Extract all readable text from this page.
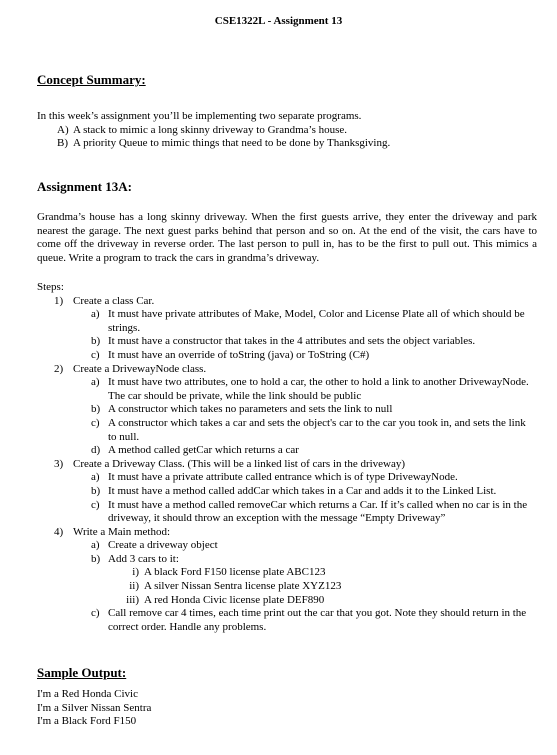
CSE1322L - Assignment 13
Concept Summary:
In this week’s assignment you’ll be implementing two separate programs.
A) A stack to mimic a long skinny driveway to Grandma’s house.
B) A priority Queue to mimic things that need to be done by Thanksgiving.
Assignment 13A:
Grandma’s house has a long skinny driveway. When the first guests arrive, they enter the driveway and park nearest the garage. The next guest parks behind that person and so on. At the end of the visit, the cars have to come off the driveway in reverse order. The last person to pull in, has to be the first to pull out. This mimics a queue. Write a program to track the cars in grandma’s driveway.
Steps:
1) Create a class Car.
a) It must have private attributes of Make, Model, Color and License Plate all of which should be strings.
b) It must have a constructor that takes in the 4 attributes and sets the object variables.
c) It must have an override of toString (java) or ToString (C#)
2) Create a DrivewayNode class.
a) It must have two attributes, one to hold a car, the other to hold a link to another DrivewayNode. The car should be private, while the link should be public
b) A constructor which takes no parameters and sets the link to null
c) A constructor which takes a car and sets the object's car to the car you took in, and sets the link to null.
d) A method called getCar which returns a car
3) Create a Driveway Class. (This will be a linked list of cars in the driveway)
a) It must have a private attribute called entrance which is of type DrivewayNode.
b) It must have a method called addCar which takes in a Car and adds it to the Linked List.
c) It must have a method called removeCar which returns a Car. If it’s called when no car is in the driveway, it should throw an exception with the message “Empty Driveway”
4) Write a Main method:
a) Create a driveway object
b) Add 3 cars to it:
i) A black Ford F150 license plate ABC123
ii) A silver Nissan Sentra license plate XYZ123
iii) A red Honda Civic license plate DEF890
c) Call remove car 4 times, each time print out the car that you got. Note they should return in the correct order. Handle any problems.
Sample Output:
I'm a Red Honda Civic
I'm a Silver Nissan Sentra
I'm a Black Ford F150
